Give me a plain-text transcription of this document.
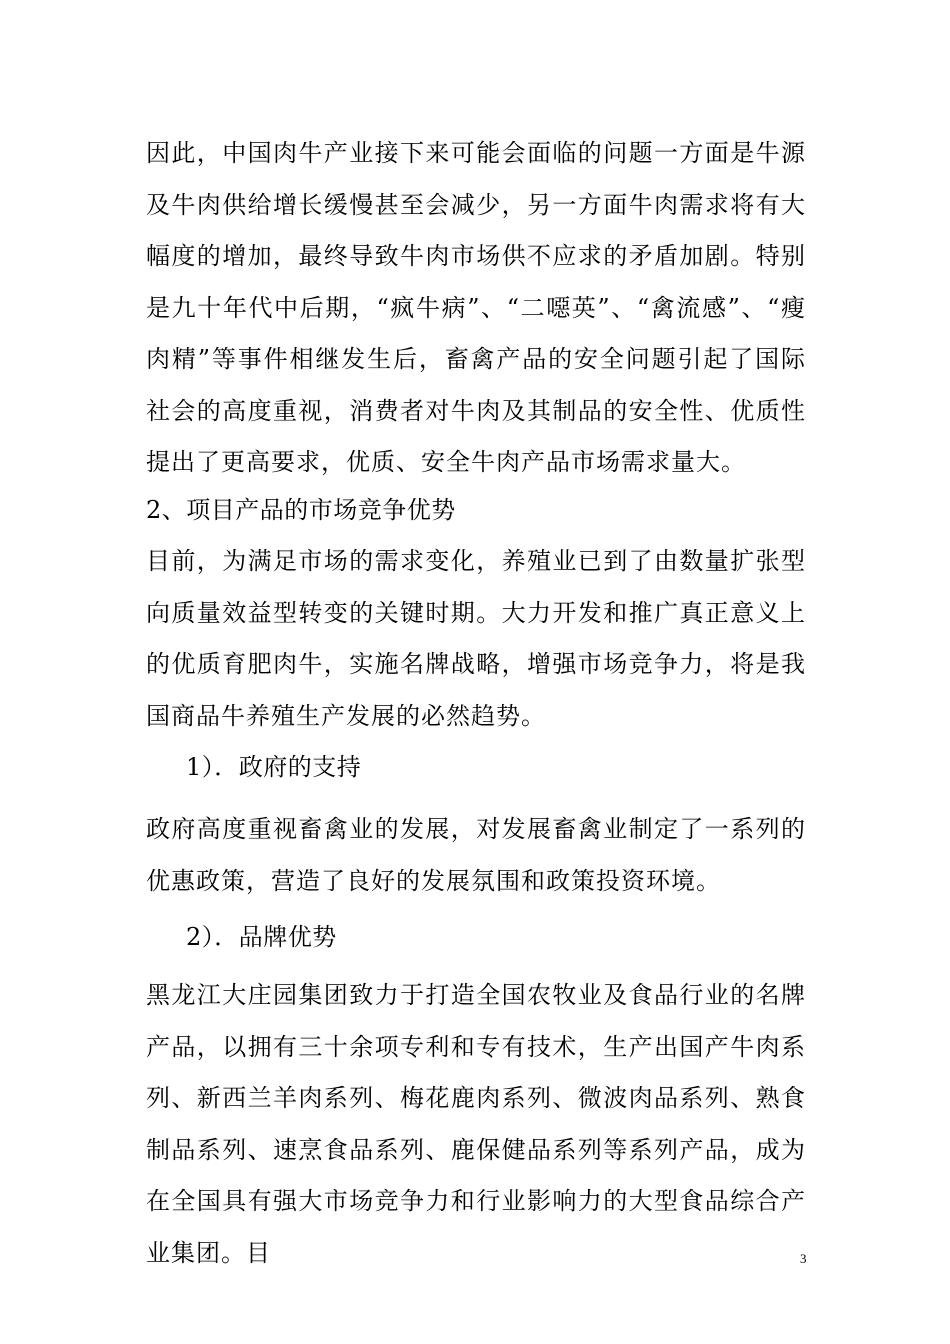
因此，中国肉牛产业接下来可能会面临的问题一方面是牛源及牛肉供给增长缓慢甚至会减少，另一方面牛肉需求将有大幅度的增加，最终导致牛肉市场供不应求的矛盾加剧。特别是九十年代中后期，“疯牛病”、“二噁英”、“禽流感”、“瘦肉精”等事件相继发生后，畜禽产品的安全问题引起了国际社会的高度重视，消费者对牛肉及其制品的安全性、优质性提出了更高要求，优质、安全牛肉产品市场需求量大。

2、项目产品的市场竞争优势

目前，为满足市场的需求变化，养殖业已到了由数量扩张型向质量效益型转变的关键时期。大力开发和推广真正意义上的优质育肥肉牛，实施名牌战略，增强市场竞争力，将是我国商品牛养殖生产发展的必然趋势。

1）．政府的支持

政府高度重视畜禽业的发展，对发展畜禽业制定了一系列的优惠政策，营造了良好的发展氛围和政策投资环境。

2）．品牌优势

黑龙江大庄园集团致力于打造全国农牧业及食品行业的名牌产品，以拥有三十余项专利和专有技术，生产出国产牛肉系列、新西兰羊肉系列、梅花鹿肉系列、微波肉品系列、熟食制品系列、速烹食品系列、鹿保健品系列等系列产品，成为在全国具有强大市场竞争力和行业影响力的大型食品综合产业集团。目	3
